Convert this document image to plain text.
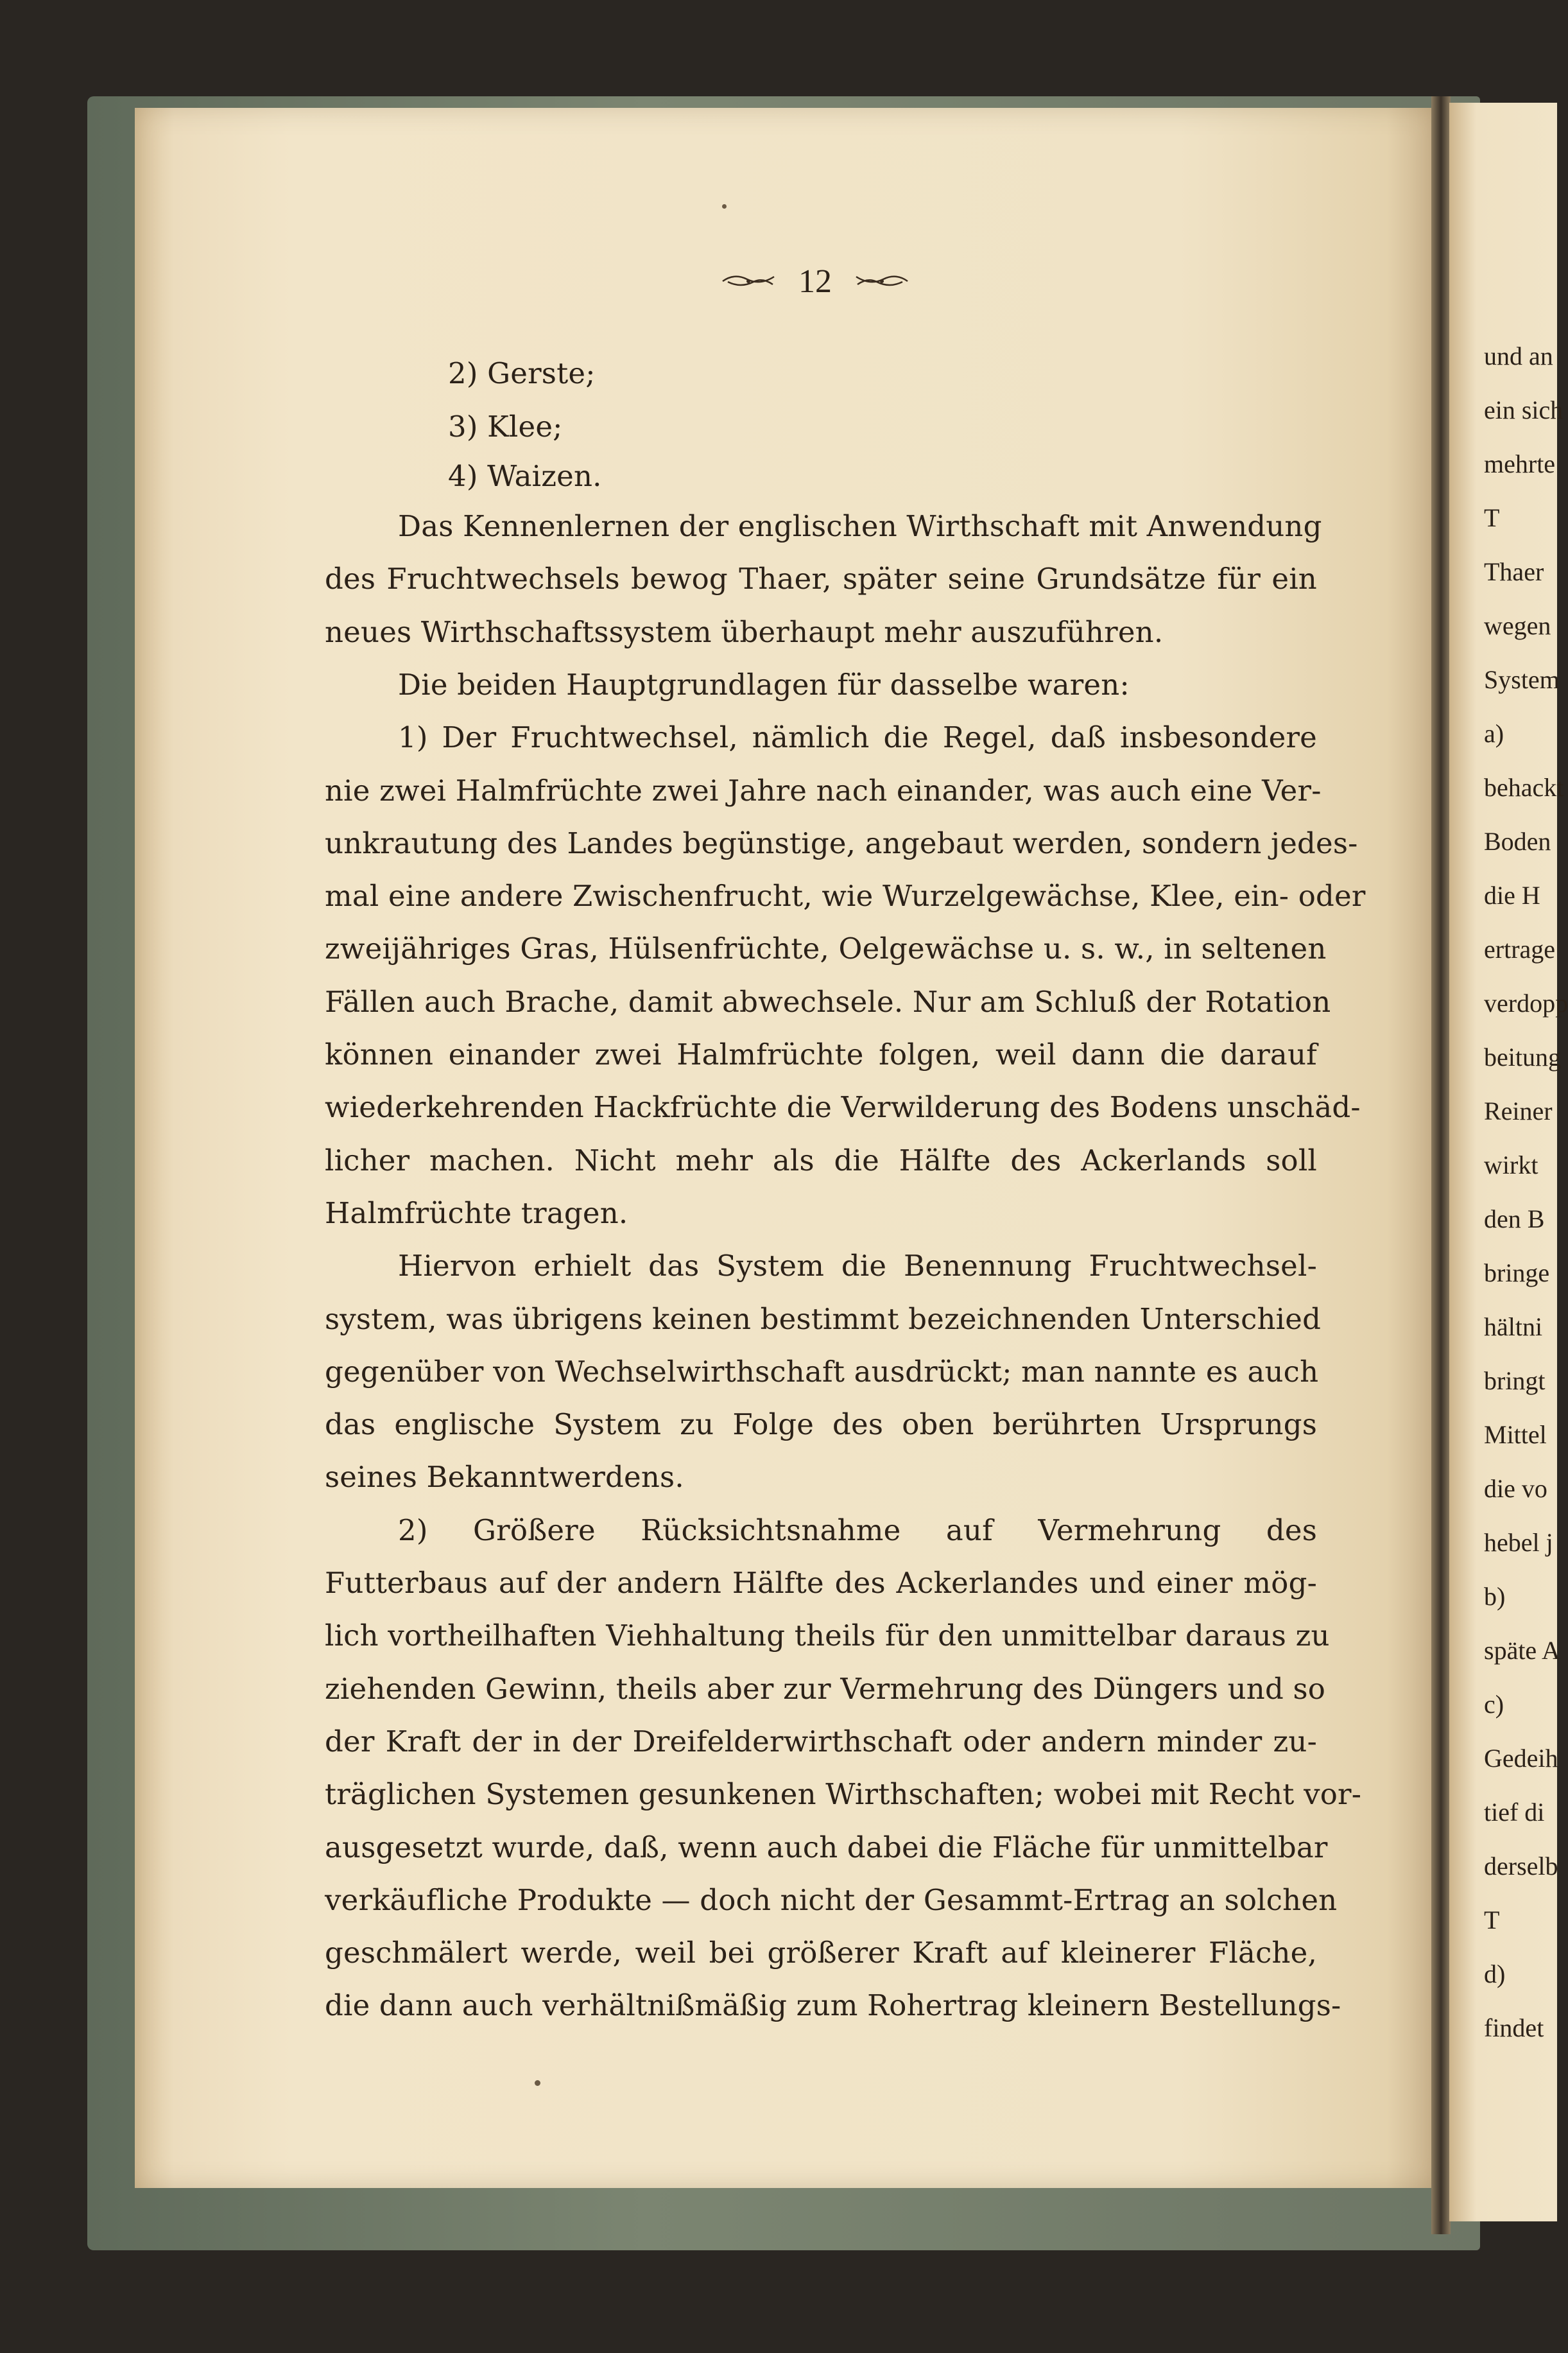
12
2) Gerste;
3) Klee;
4) Waizen.
Das Kennenlernen der englischen Wirthschaft mit Anwendung
des Fruchtwechsels bewog Thaer, später seine Grundsätze für ein
neues Wirthschaftssystem überhaupt mehr auszuführen.
Die beiden Hauptgrundlagen für dasselbe waren:
1) Der Fruchtwechsel, nämlich die Regel, daß insbesondere
nie zwei Halmfrüchte zwei Jahre nach einander, was auch eine Ver-
unkrautung des Landes begünstige, angebaut werden, sondern jedes-
mal eine andere Zwischenfrucht, wie Wurzelgewächse, Klee, ein- oder
zweijähriges Gras, Hülsenfrüchte, Oelgewächse u. s. w., in seltenen
Fällen auch Brache, damit abwechsele. Nur am Schluß der Rotation
können einander zwei Halmfrüchte folgen, weil dann die darauf
wiederkehrenden Hackfrüchte die Verwilderung des Bodens unschäd-
licher machen. Nicht mehr als die Hälfte des Ackerlands soll
Halmfrüchte tragen.
Hiervon erhielt das System die Benennung Fruchtwechsel-
system, was übrigens keinen bestimmt bezeichnenden Unterschied
gegenüber von Wechselwirthschaft ausdrückt; man nannte es auch
das englische System zu Folge des oben berührten Ursprungs
seines Bekanntwerdens.
2) Größere Rücksichtsnahme auf Vermehrung des
Futterbaus auf der andern Hälfte des Ackerlandes und einer mög-
lich vortheilhaften Viehhaltung theils für den unmittelbar daraus zu
ziehenden Gewinn, theils aber zur Vermehrung des Düngers und so
der Kraft der in der Dreifelderwirthschaft oder andern minder zu-
träglichen Systemen gesunkenen Wirthschaften; wobei mit Recht vor-
ausgesetzt wurde, daß, wenn auch dabei die Fläche für unmittelbar
verkäufliche Produkte — doch nicht der Gesammt-Ertrag an solchen
geschmälert werde, weil bei größerer Kraft auf kleinerer Fläche,
die dann auch verhältnißmäßig zum Rohertrag kleinern Bestellungs-
und an
ein sich
mehrte
T
Thaer
wegen
System
a)
behackt
Boden
die H
ertrage
verdopp
beitung
Reiner
wirkt
den B
bringe
hältni
bringt
Mittel
die vo
hebel j
b)
späte A
c)
Gedeih
tief di
derselb
T
d)
findet
